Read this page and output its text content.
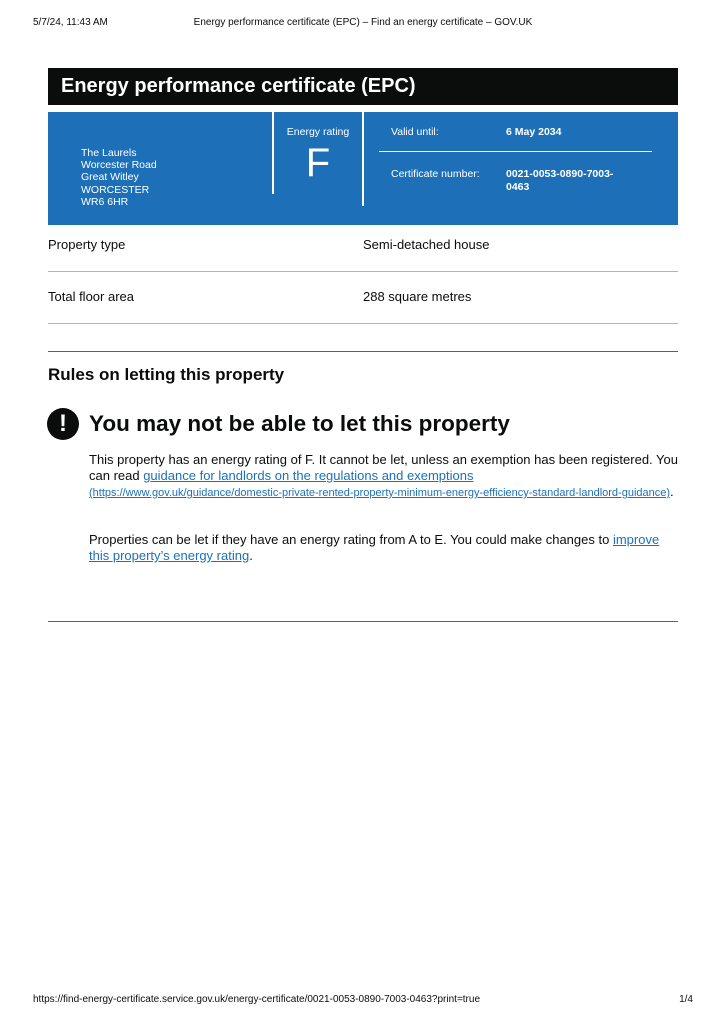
5/7/24, 11:43 AM	Energy performance certificate (EPC) – Find an energy certificate – GOV.UK
Energy performance certificate (EPC)
The Laurels
Worcester Road
Great Witley
WORCESTER
WR6 6HR
Energy rating
F
Valid until:	6 May 2034
Certificate number:	0021-0053-0890-7003-0463
Property type	Semi-detached house
Total floor area	288 square metres
Rules on letting this property
! You may not be able to let this property

This property has an energy rating of F. It cannot be let, unless an exemption has been registered. You can read guidance for landlords on the regulations and exemptions
(https://www.gov.uk/guidance/domestic-private-rented-property-minimum-energy-efficiency-standard-landlord-guidance).

Properties can be let if they have an energy rating from A to E. You could make changes to improve this property’s energy rating.

https://find-energy-certificate.service.gov.uk/energy-certificate/0021-0053-0890-7003-0463?print=true	1/4
